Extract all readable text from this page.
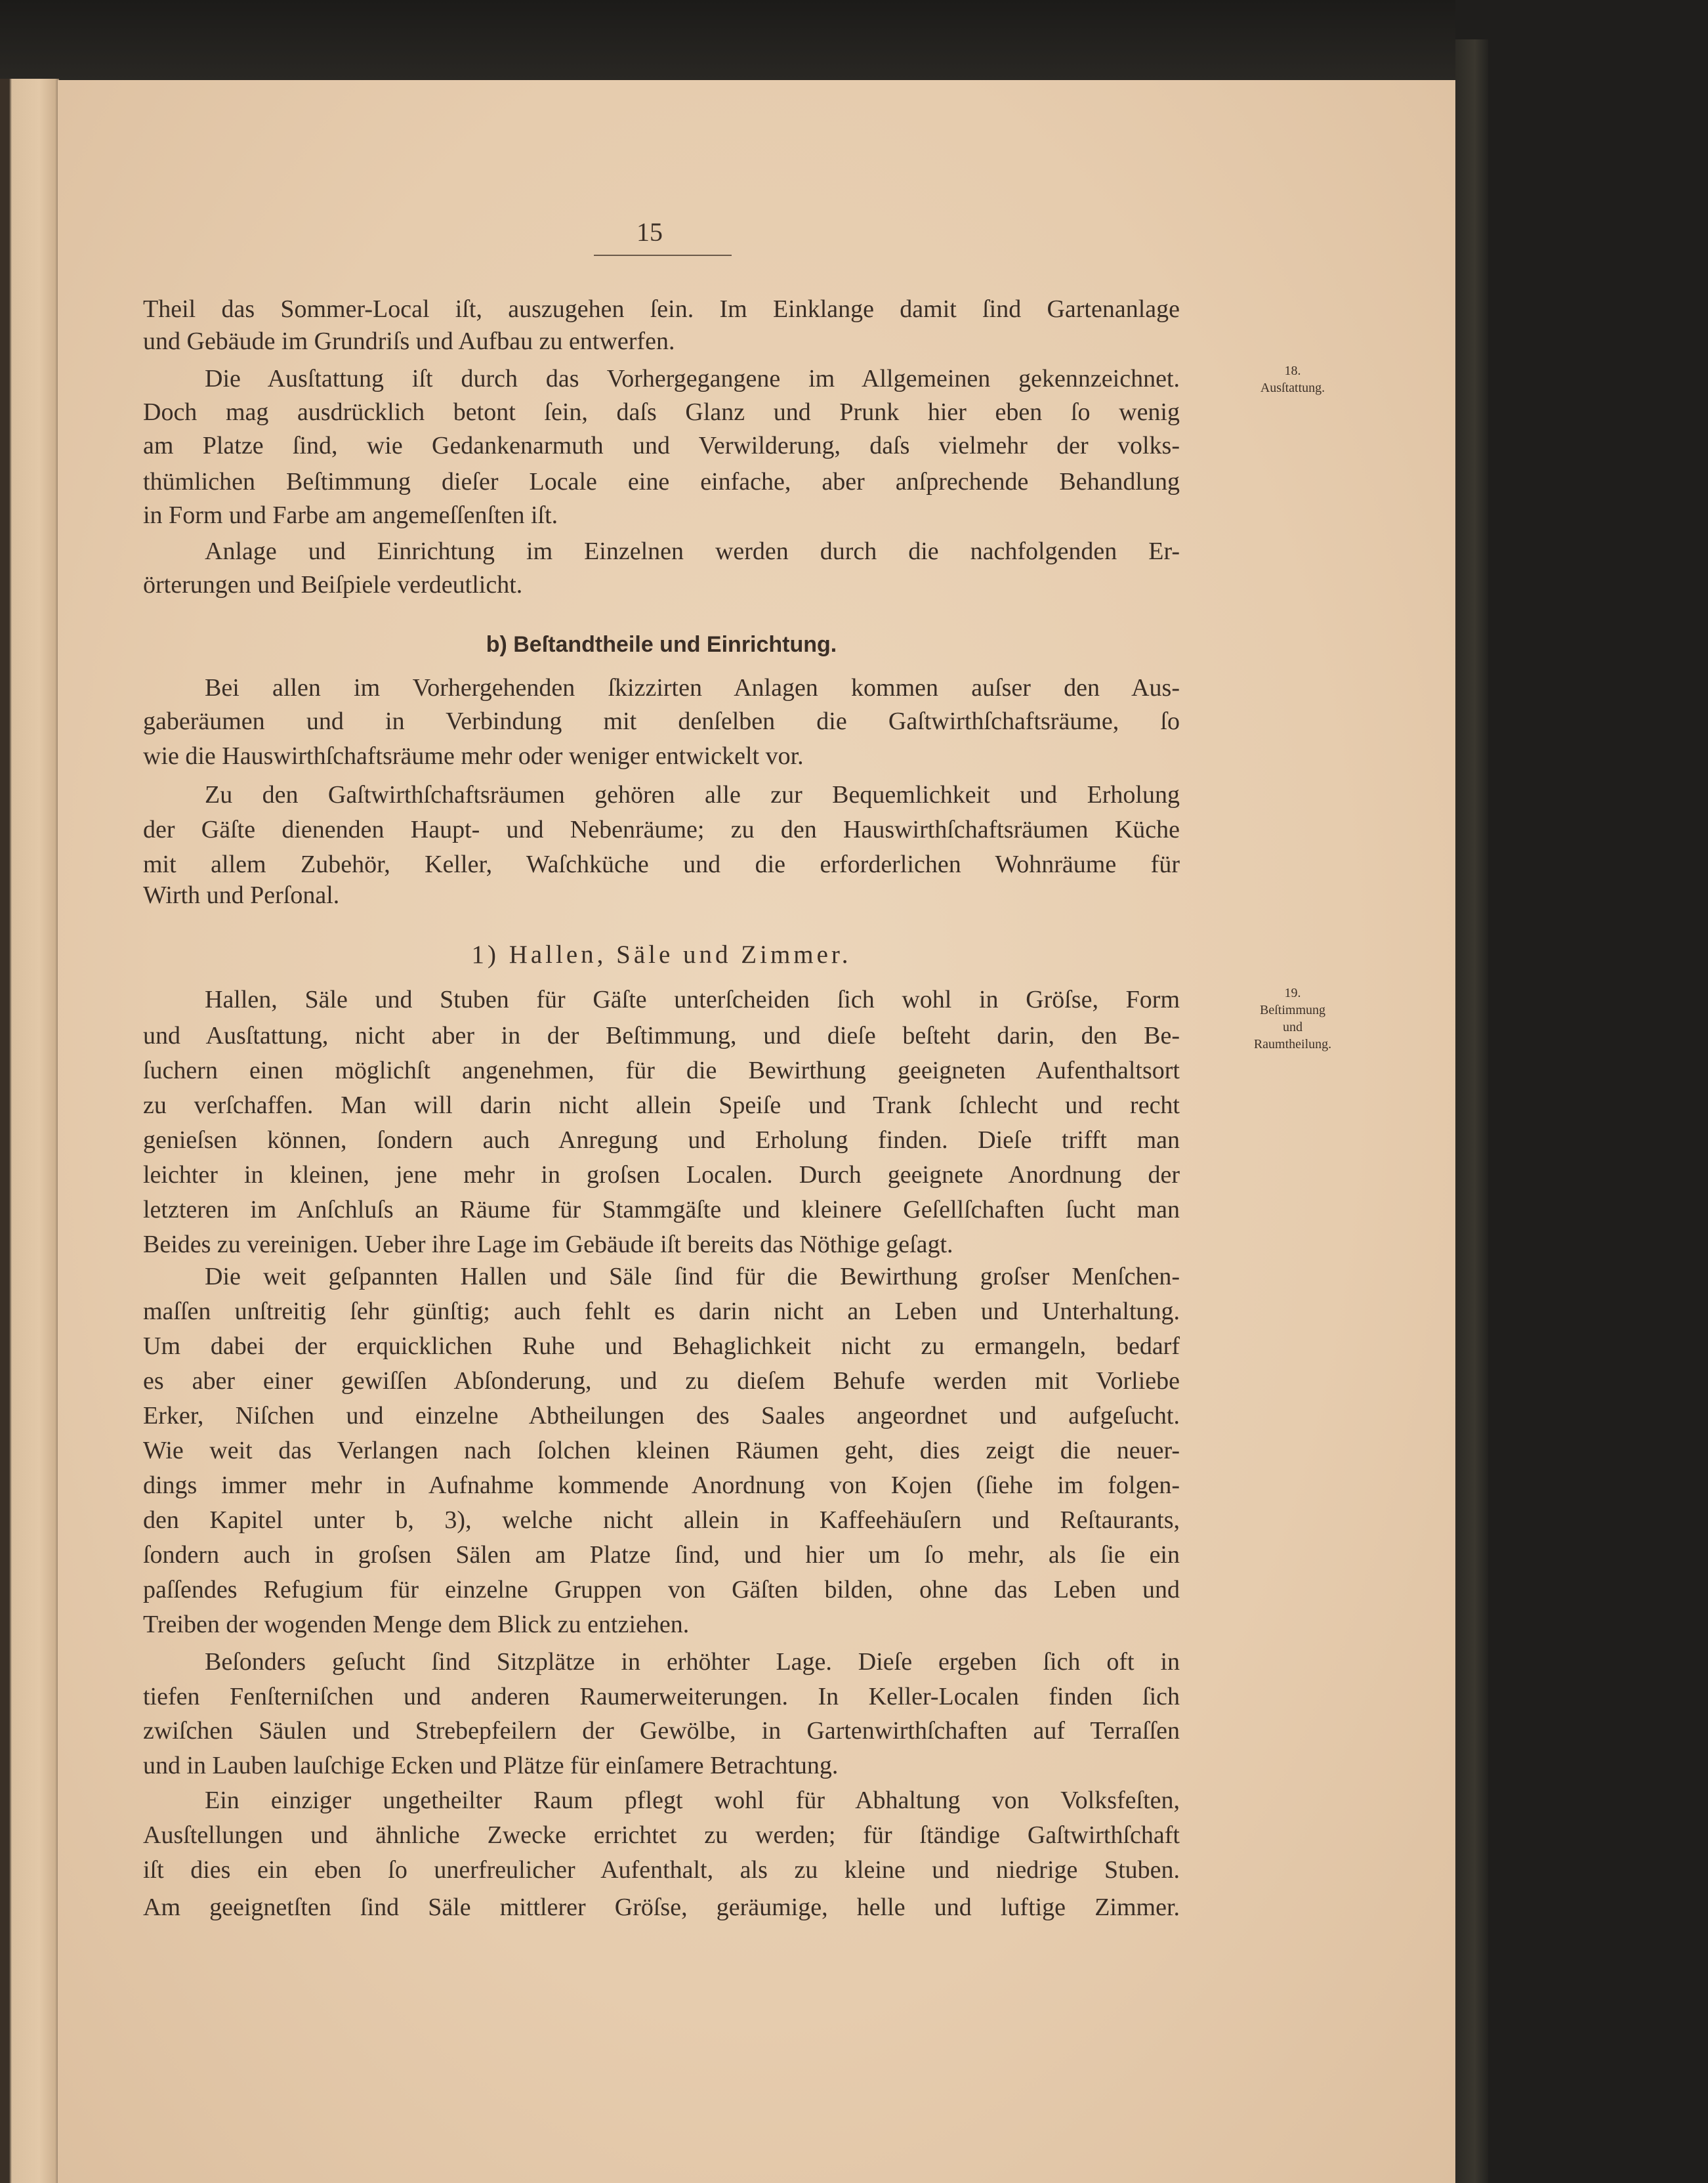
15
18.
Ausſtattung.
19.
Beſtimmung
und
Raumtheilung.
Theil das Sommer-Local iſt, auszugehen ſein. Im Einklange damit ſind Gartenanlage
und Gebäude im Grundriſs und Aufbau zu entwerfen.
Die Ausſtattung iſt durch das Vorhergegangene im Allgemeinen gekennzeichnet.
Doch mag ausdrücklich betont ſein, daſs Glanz und Prunk hier eben ſo wenig
am Platze ſind, wie Gedankenarmuth und Verwilderung, daſs vielmehr der volks-
thümlichen Beſtimmung dieſer Locale eine einfache, aber anſprechende Behandlung
in Form und Farbe am angemeſſenſten iſt.
Anlage und Einrichtung im Einzelnen werden durch die nachfolgenden Er-
örterungen und Beiſpiele verdeutlicht.
b) Beſtandtheile und Einrichtung.
Bei allen im Vorhergehenden ſkizzirten Anlagen kommen auſser den Aus-
gaberäumen und in Verbindung mit denſelben die Gaſtwirthſchaftsräume, ſo
wie die Hauswirthſchaftsräume mehr oder weniger entwickelt vor.
Zu den Gaſtwirthſchaftsräumen gehören alle zur Bequemlichkeit und Erholung
der Gäſte dienenden Haupt- und Nebenräume; zu den Hauswirthſchaftsräumen Küche
mit allem Zubehör, Keller, Waſchküche und die erforderlichen Wohnräume für
Wirth und Perſonal.
1) Hallen, Säle und Zimmer.
Hallen, Säle und Stuben für Gäſte unterſcheiden ſich wohl in Gröſse, Form
und Ausſtattung, nicht aber in der Beſtimmung, und dieſe beſteht darin, den Be-
ſuchern einen möglichſt angenehmen, für die Bewirthung geeigneten Aufenthaltsort
zu verſchaffen. Man will darin nicht allein Speiſe und Trank ſchlecht und recht
genieſsen können, ſondern auch Anregung und Erholung finden. Dieſe trifft man
leichter in kleinen, jene mehr in groſsen Localen. Durch geeignete Anordnung der
letzteren im Anſchluſs an Räume für Stammgäſte und kleinere Geſellſchaften ſucht man
Beides zu vereinigen. Ueber ihre Lage im Gebäude iſt bereits das Nöthige geſagt.
Die weit geſpannten Hallen und Säle ſind für die Bewirthung groſser Menſchen-
maſſen unſtreitig ſehr günſtig; auch fehlt es darin nicht an Leben und Unterhaltung.
Um dabei der erquicklichen Ruhe und Behaglichkeit nicht zu ermangeln, bedarf
es aber einer gewiſſen Abſonderung, und zu dieſem Behufe werden mit Vorliebe
Erker, Niſchen und einzelne Abtheilungen des Saales angeordnet und aufgeſucht.
Wie weit das Verlangen nach ſolchen kleinen Räumen geht, dies zeigt die neuer-
dings immer mehr in Aufnahme kommende Anordnung von Kojen (ſiehe im folgen-
den Kapitel unter b, 3), welche nicht allein in Kaffeehäuſern und Reſtaurants,
ſondern auch in groſsen Sälen am Platze ſind, und hier um ſo mehr, als ſie ein
paſſendes Refugium für einzelne Gruppen von Gäſten bilden, ohne das Leben und
Treiben der wogenden Menge dem Blick zu entziehen.
Beſonders geſucht ſind Sitzplätze in erhöhter Lage. Dieſe ergeben ſich oft in
tiefen Fenſterniſchen und anderen Raumerweiterungen. In Keller-Localen finden ſich
zwiſchen Säulen und Strebepfeilern der Gewölbe, in Gartenwirthſchaften auf Terraſſen
und in Lauben lauſchige Ecken und Plätze für einſamere Betrachtung.
Ein einziger ungetheilter Raum pflegt wohl für Abhaltung von Volksfeſten,
Ausſtellungen und ähnliche Zwecke errichtet zu werden; für ſtändige Gaſtwirthſchaft
iſt dies ein eben ſo unerfreulicher Aufenthalt, als zu kleine und niedrige Stuben.
Am geeignetſten ſind Säle mittlerer Gröſse, geräumige, helle und luftige Zimmer.
